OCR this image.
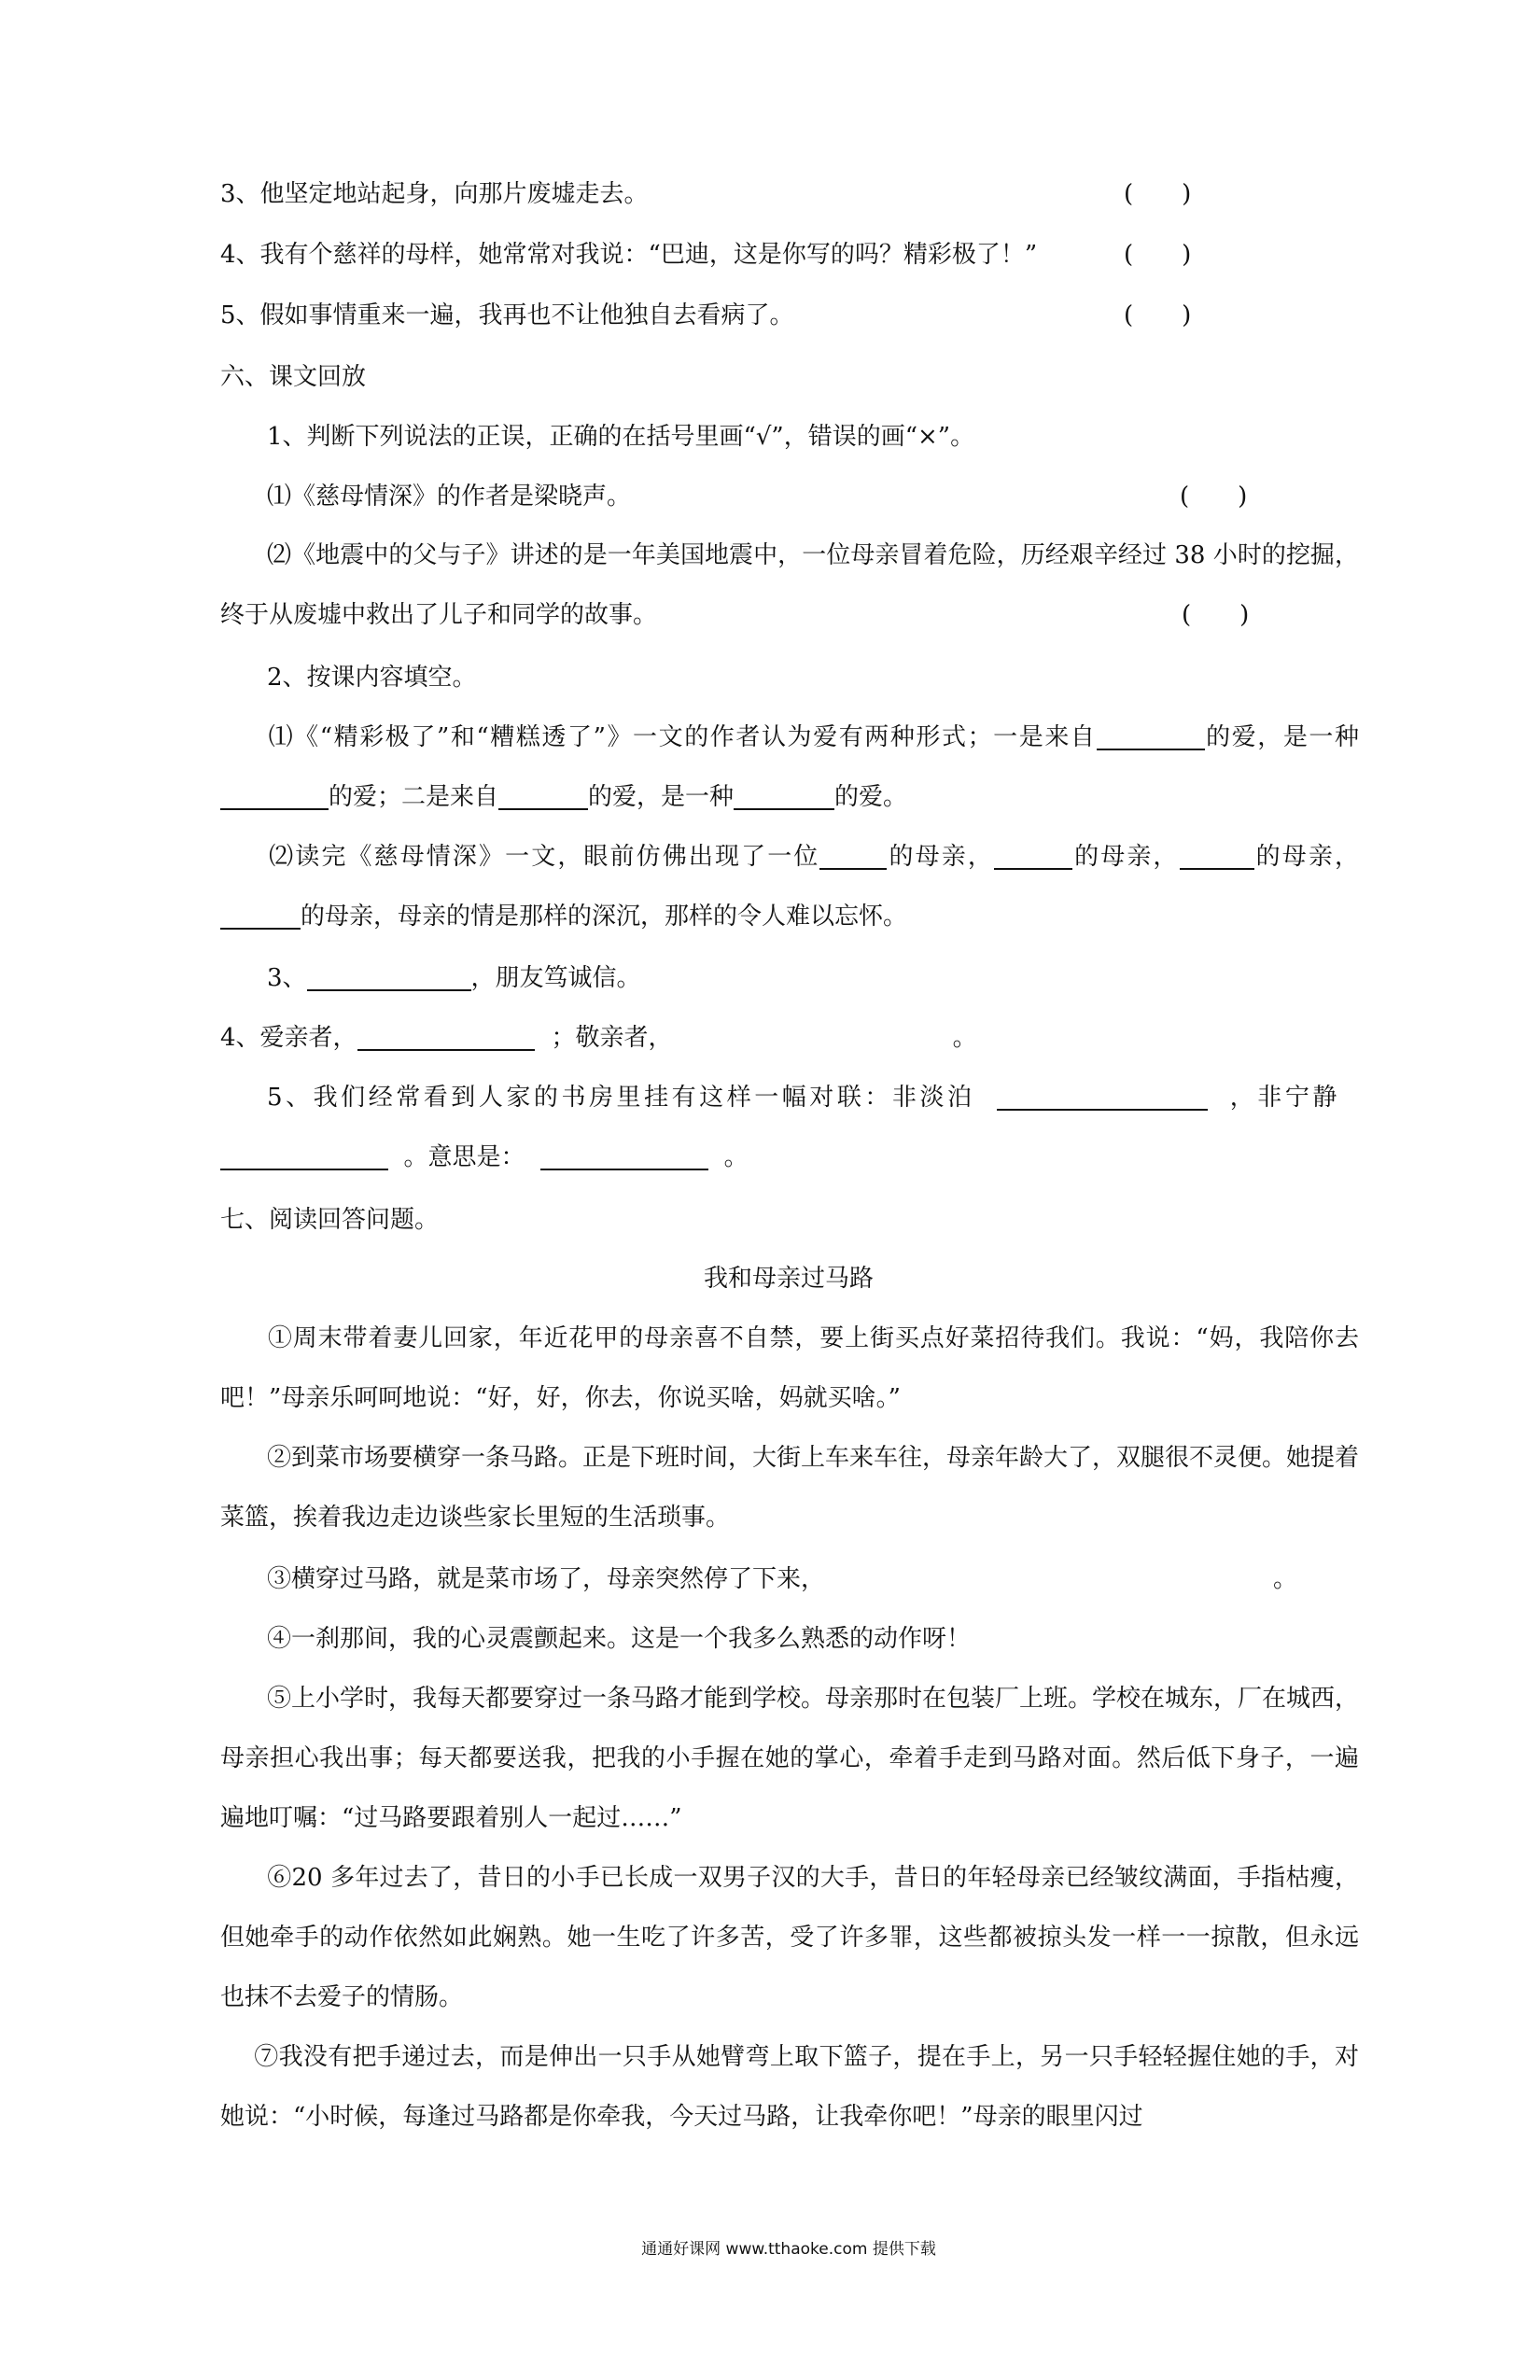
3、他坚定地站起身，向那片废墟走去。	(　　)
4、我有个慈祥的母样，她常常对我说：“巴迪，这是你写的吗？精彩极了！”	(　　)
5、假如事情重来一遍，我再也不让他独自去看病了。	(　　)
六、课文回放
1、判断下列说法的正误，正确的在括号里画“√”，错误的画“×”。
⑴《慈母情深》的作者是梁晓声。	(　　)
⑵《地震中的父与子》讲述的是一年美国地震中，一位母亲冒着危险，历经艰辛经过 38 小时的挖掘，终于从废墟中救出了儿子和同学的故事。	(　　)
2、按课内容填空。
⑴《“精彩极了”和“糟糕透了”》一文的作者认为爱有两种形式；一是来自	的爱，是一种的爱；二是来自	的爱，是一种	的爱。
⑵读完《慈母情深》一文，眼前仿佛出现了一位	的母亲，	的母亲，	的母亲，的母亲，母亲的情是那样的深沉，那样的令人难以忘怀。
3、	，朋友笃诚信。
4、爱亲者，	；敬亲者，	。
5、我们经常看到人家的书房里挂有这样一幅对联：非淡泊	，非宁静    。意思是：	。
七、阅读回答问题。
我和母亲过马路
①周末带着妻儿回家，年近花甲的母亲喜不自禁，要上街买点好菜招待我们。我说：“妈，我陪你去吧！”母亲乐呵呵地说：“好，好，你去，你说买啥，妈就买啥。”
②到菜市场要横穿一条马路。正是下班时间，大街上车来车往，母亲年龄大了，双腿很不灵便。她提着菜篮，挨着我边走边谈些家长里短的生活琐事。
③横穿过马路，就是菜市场了，母亲突然停了下来，	。
④一刹那间，我的心灵震颤起来。这是一个我多么熟悉的动作呀！
⑤上小学时，我每天都要穿过一条马路才能到学校。母亲那时在包装厂上班。学校在城东，厂在城西，母亲担心我出事；每天都要送我，把我的小手握在她的掌心，牵着手走到马路对面。然后低下身子，一遍遍地叮嘱：“过马路要跟着别人一起过……”
⑥20 多年过去了，昔日的小手已长成一双男子汉的大手，昔日的年轻母亲已经皱纹满面，手指枯瘦，但她牵手的动作依然如此娴熟。她一生吃了许多苦，受了许多罪，这些都被掠头发一样一一掠散，但永远也抹不去爱子的情肠。
⑦我没有把手递过去，而是伸出一只手从她臂弯上取下篮子，提在手上，另一只手轻轻握住她的手，对她说：“小时候，每逢过马路都是你牵我，今天过马路，让我牵你吧！”母亲的眼里闪过
通通好课网 www.tthaoke.com 提供下载
